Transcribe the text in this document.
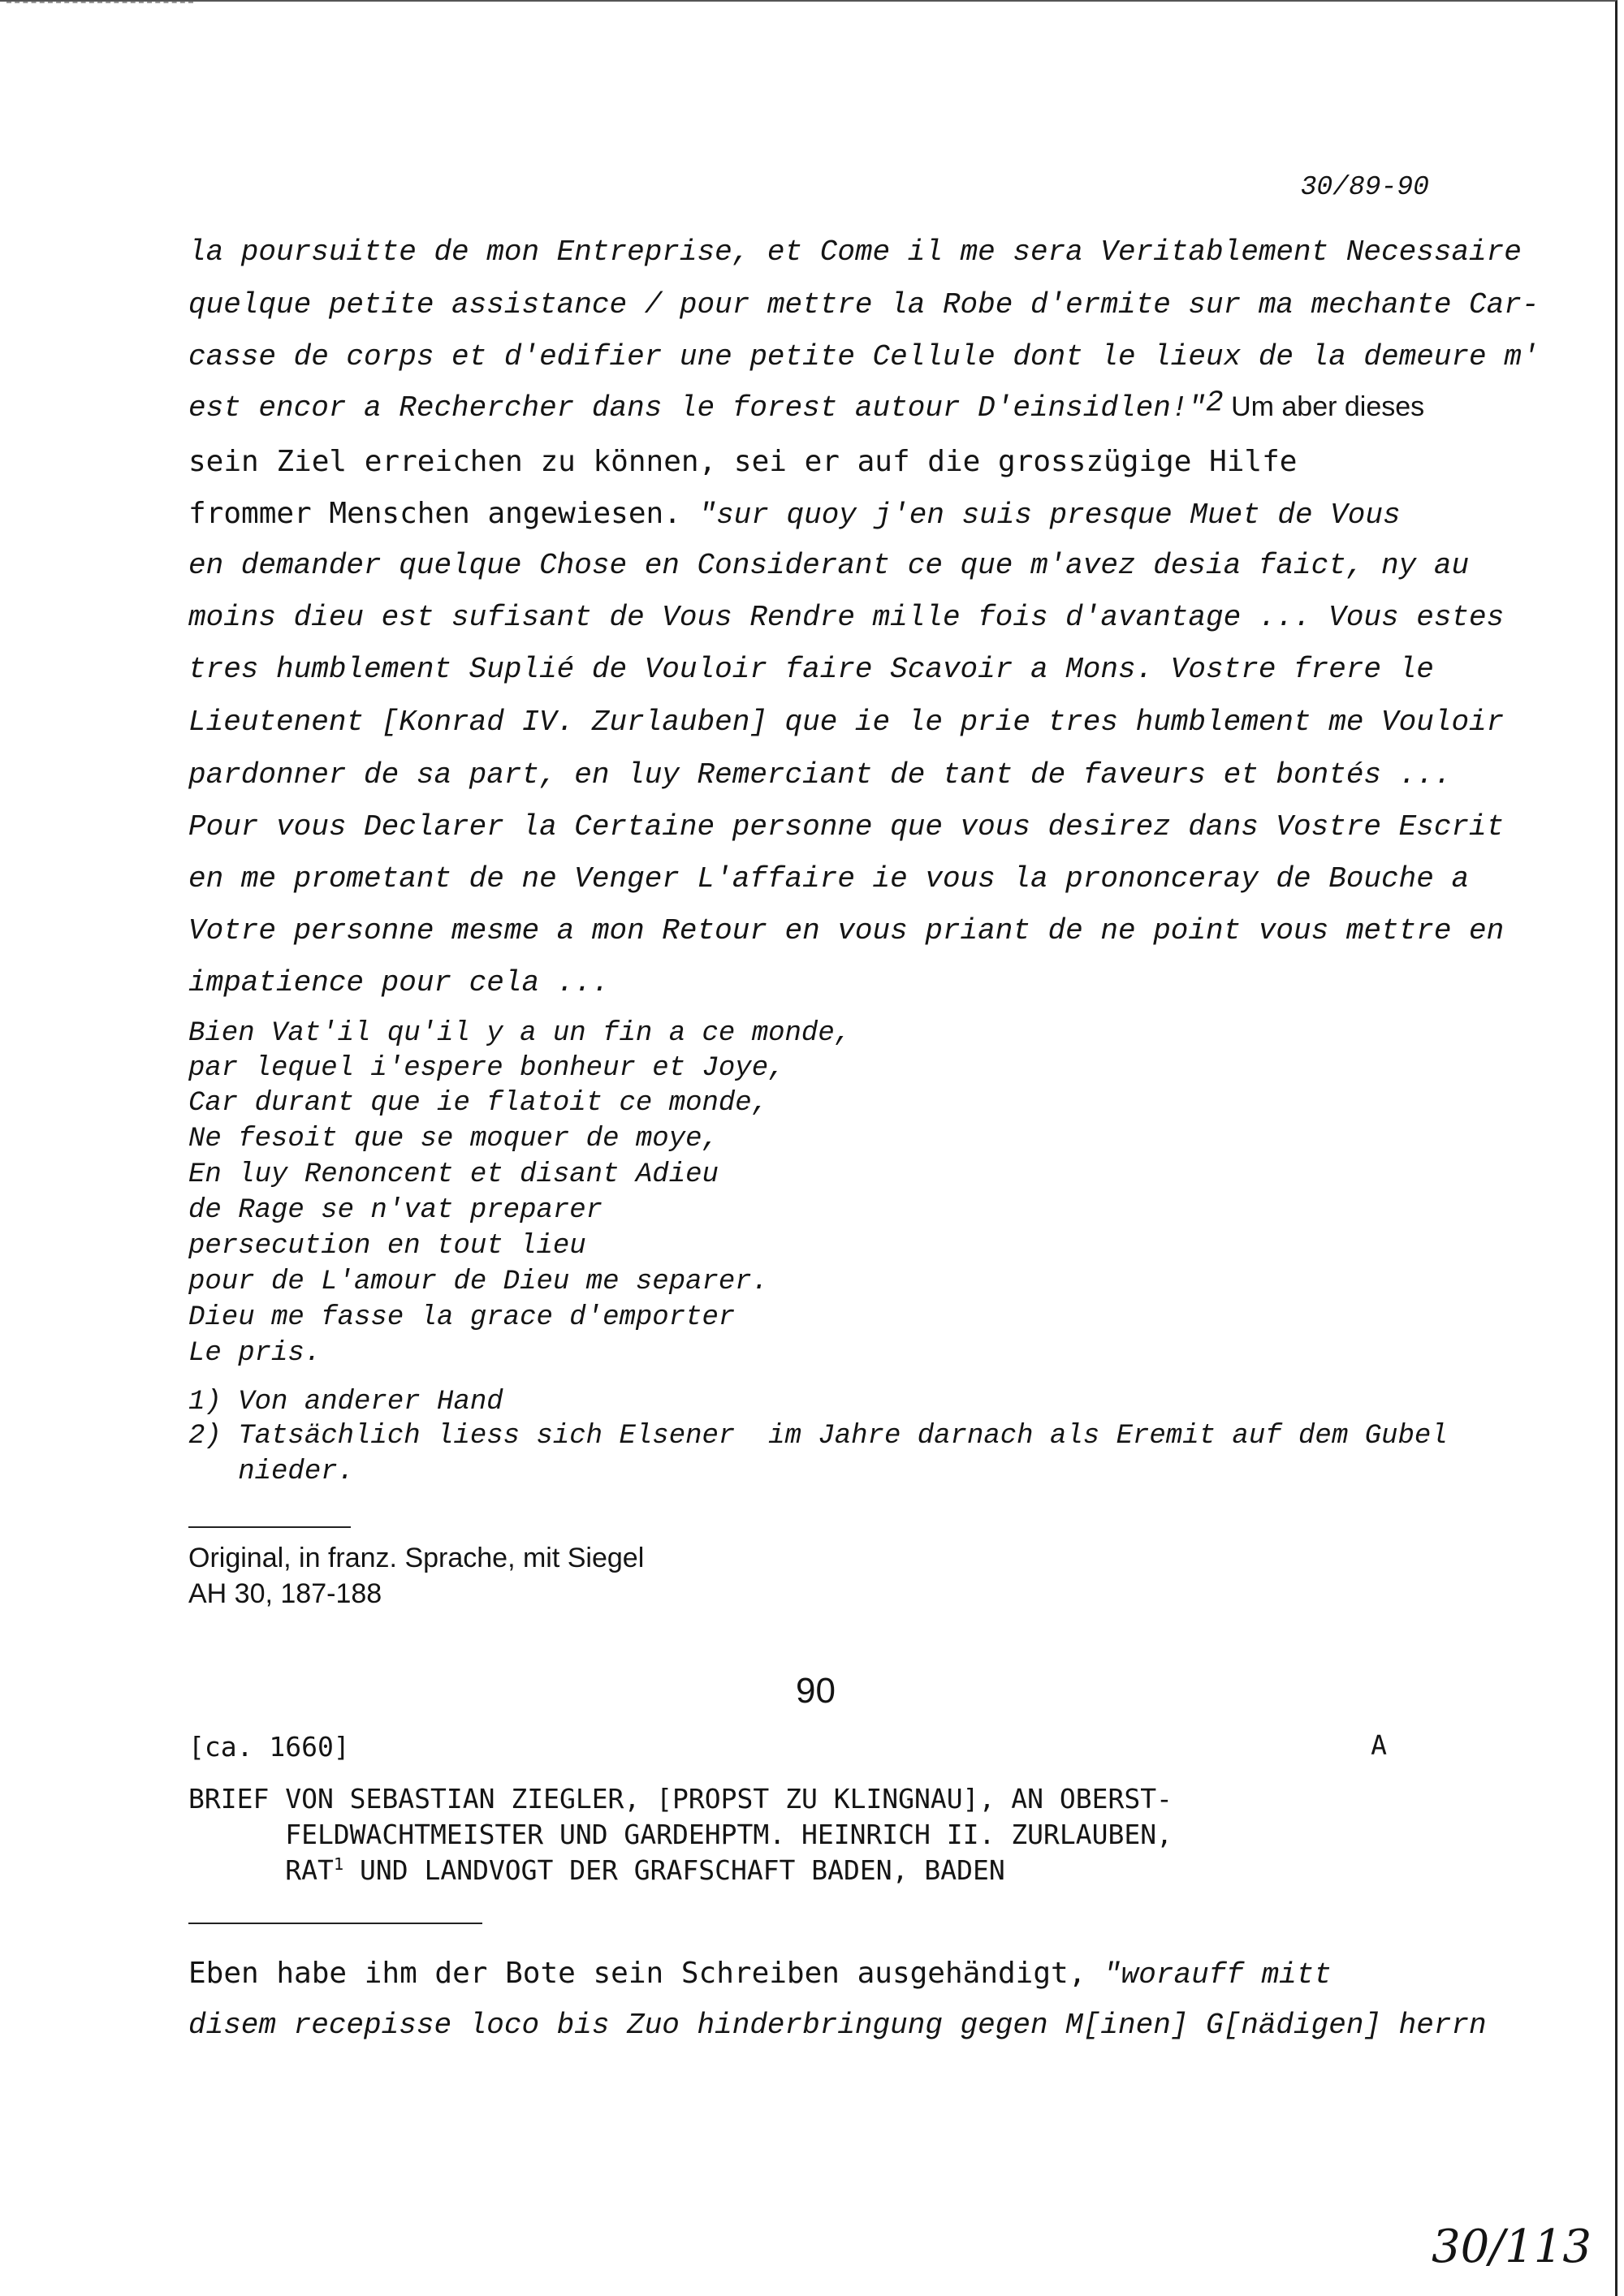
30/89-90
la poursuitte de mon Entreprise, et Come il me sera Veritablement Necessaire
quelque petite assistance / pour mettre la Robe d'ermite sur ma mechante Car-
casse de corps et d'edifier une petite Cellule dont le lieux de la demeure m'
est encor a Rechercher dans le forest autour D'einsidlen!"$^2$ Um aber dieses
sein Ziel erreichen zu können, sei er auf die grosszügige Hilfe
frommer Menschen angewiesen. "sur quoy j'en suis presque Muet de Vous
en demander quelque Chose en Considerant ce que m'avez desia faict, ny au
moins dieu est sufisant de Vous Rendre mille fois d'avantage ... Vous estes
tres humblement Suplié de Vouloir faire Scavoir a Mons. Vostre frere le
Lieutenent [Konrad IV. Zurlauben] que ie le prie tres humblement me Vouloir
pardonner de sa part, en luy Remerciant de tant de faveurs et bontés ...
Pour vous Declarer la Certaine personne que vous desirez dans Vostre Escrit
en me prometant de ne Venger L'affaire ie vous la prononceray de Bouche a
Votre personne mesme a mon Retour en vous priant de ne point vous mettre en
impatience pour cela ...
Bien Vat'il qu'il y a un fin a ce monde,
par lequel i'espere bonheur et Joye,
Car durant que ie flatoit ce monde,
Ne fesoit que se moquer de moye,
En luy Renoncent et disant Adieu
de Rage se n'vat preparer
persecution en tout lieu
pour de L'amour de Dieu me separer.
Dieu me fasse la grace d'emporter
Le pris.
1) Von anderer Hand
2) Tatsächlich liess sich Elsener  im Jahre darnach als Eremit auf dem Gubel
nieder.
Original, in franz. Sprache, mit Siegel
AH 30, 187-188
90
[ca. 1660]	A
BRIEF VON SEBASTIAN ZIEGLER, [PROPST ZU KLINGNAU], AN OBERST-
FELDWACHTMEISTER UND GARDEHPTM. HEINRICH II. ZURLAUBEN,
RAT$^1$ UND LANDVOGT DER GRAFSCHAFT BADEN, BADEN
Eben habe ihm der Bote sein Schreiben ausgehändigt, "worauff mitt
disem recepisse loco bis Zuo hinderbringung gegen M[inen] G[nädigen] herrn
30/113
